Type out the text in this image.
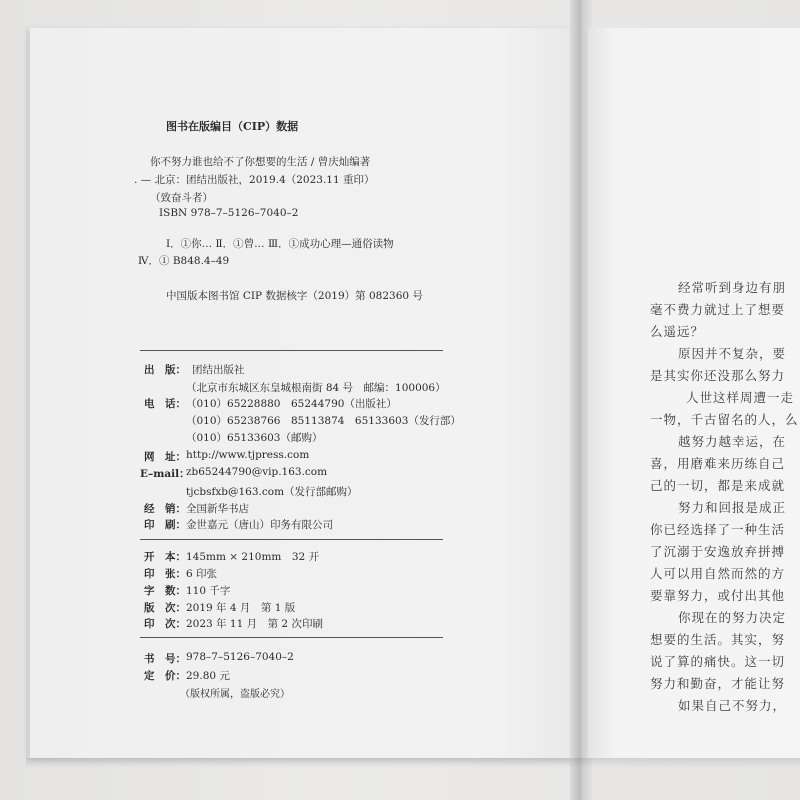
图书在版编目（CIP）数据
你不努力谁也给不了你想要的生活 / 曾庆灿编著
. — 北京：团结出版社，2019.4（2023.11 重印）
（致奋斗者）
ISBN 978–7–5126–7040–2
Ⅰ．①你… Ⅱ．①曾… Ⅲ．①成功心理—通俗读物
Ⅳ．① B848.4–49
中国版本图书馆 CIP 数据核字（2019）第 082360 号
出　版： 团结出版社
（北京市东城区东皇城根南街 84 号　邮编：100006）
电　话： （010）65228880　65244790（出版社）
（010）65238766　85113874　65133603（发行部）
（010）65133603（邮购）
网　址： http://www.tjpress.com
E–mail：
zb65244790@vip.163.com
tjcbsfxb@163.com（发行部邮购）
经　销： 全国新华书店
印　刷： 金世嘉元（唐山）印务有限公司
开　本： 145mm × 210mm　32 开
印　张： 6 印张
字　数： 110 千字
版　次： 2019 年 4 月　第 1 版
印　次： 2023 年 11 月　第 2 次印刷
书　号： 978–7–5126–7040–2
定　价： 29.80 元
（版权所属，盗版必究）
经常听到身边有朋
毫不费力就过上了想要
么遥远？
原因并不复杂，要
是其实你还没那么努力
人世这样周遭一走
一物，千古留名的人，么
越努力越幸运，在
喜，用磨难来历练自己
己的一切，都是来成就
努力和回报是成正
你已经选择了一种生活
了沉溺于安逸放弃拼搏
人可以用自然而然的方
要靠努力，或付出其他
你现在的努力决定
想要的生活。其实，努
说了算的痛快。这一切
努力和勤奋，才能让努
如果自己不努力，
